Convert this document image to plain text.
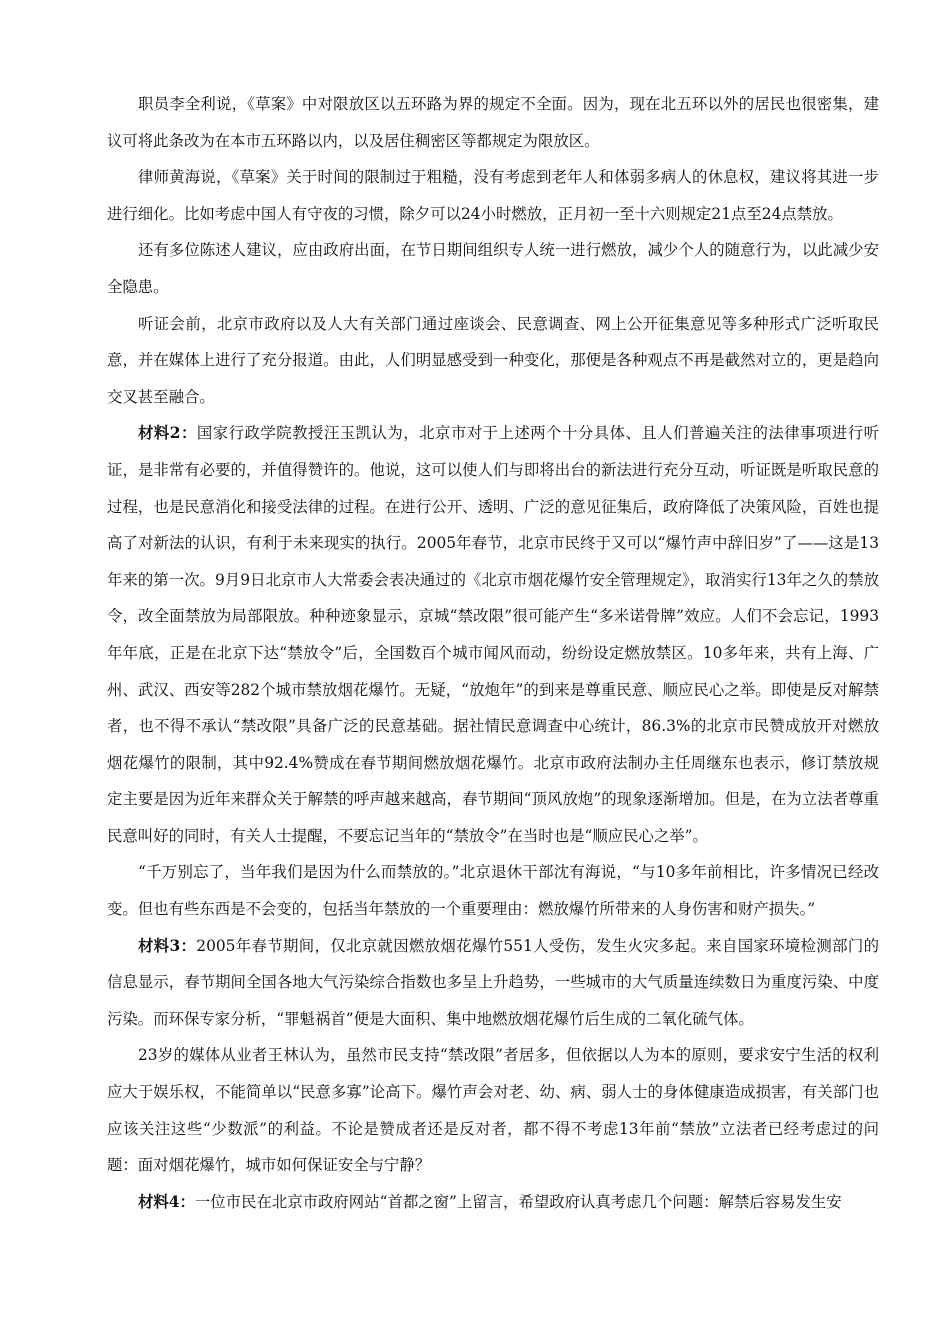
职员李全利说，《草案》中对限放区以五环路为界的规定不全面。因为，现在北五环以外的居民也很密集，建议可将此条改为在本市五环路以内，以及居住稠密区等都规定为限放区。

律师黄海说，《草案》关于时间的限制过于粗糙，没有考虑到老年人和体弱多病人的休息权，建议将其进一步进行细化。比如考虑中国人有守夜的习惯，除夕可以24小时燃放，正月初一至十六则规定21点至24点禁放。

还有多位陈述人建议，应由政府出面，在节日期间组织专人统一进行燃放，减少个人的随意行为，以此减少安全隐患。

听证会前，北京市政府以及人大有关部门通过座谈会、民意调查、网上公开征集意见等多种形式广泛听取民意，并在媒体上进行了充分报道。由此，人们明显感受到一种变化，那便是各种观点不再是截然对立的，更是趋向交叉甚至融合。

材料2：国家行政学院教授汪玉凯认为，北京市对于上述两个十分具体、且人们普遍关注的法律事项进行听证，是非常有必要的，并值得赞许的。他说，这可以使人们与即将出台的新法进行充分互动，听证既是听取民意的过程，也是民意消化和接受法律的过程。在进行公开、透明、广泛的意见征集后，政府降低了决策风险，百姓也提高了对新法的认识，有利于未来现实的执行。2005年春节，北京市民终于又可以“爆竹声中辞旧岁”了——这是13年来的第一次。9月9日北京市人大常委会表决通过的《北京市烟花爆竹安全管理规定》，取消实行13年之久的禁放令，改全面禁放为局部限放。种种迹象显示，京城“禁改限”很可能产生“多米诺骨牌”效应。人们不会忘记，1993年年底，正是在北京下达“禁放令”后，全国数百个城市闻风而动，纷纷设定燃放禁区。10多年来，共有上海、广州、武汉、西安等282个城市禁放烟花爆竹。无疑，“放炮年”的到来是尊重民意、顺应民心之举。即使是反对解禁者，也不得不承认“禁改限”具备广泛的民意基础。据社情民意调查中心统计，86.3%的北京市民赞成放开对燃放烟花爆竹的限制，其中92.4%赞成在春节期间燃放烟花爆竹。北京市政府法制办主任周继东也表示，修订禁放规定主要是因为近年来群众关于解禁的呼声越来越高，春节期间“顶风放炮”的现象逐渐增加。但是，在为立法者尊重民意叫好的同时，有关人士提醒，不要忘记当年的“禁放令”在当时也是“顺应民心之举”。

“千万别忘了，当年我们是因为什么而禁放的。”北京退休干部沈有海说，“与10多年前相比，许多情况已经改变。但也有些东西是不会变的，包括当年禁放的一个重要理由：燃放爆竹所带来的人身伤害和财产损失。”

材料3：2005年春节期间，仅北京就因燃放烟花爆竹551人受伤，发生火灾多起。来自国家环境检测部门的信息显示，春节期间全国各地大气污染综合指数也多呈上升趋势，一些城市的大气质量连续数日为重度污染、中度污染。而环保专家分析，“罪魁祸首”便是大面积、集中地燃放烟花爆竹后生成的二氧化硫气体。

23岁的媒体从业者王林认为，虽然市民支持“禁改限”者居多，但依据以人为本的原则，要求安宁生活的权利应大于娱乐权，不能简单以“民意多寡”论高下。爆竹声会对老、幼、病、弱人士的身体健康造成损害，有关部门也应该关注这些“少数派”的利益。不论是赞成者还是反对者，都不得不考虑13年前“禁放”立法者已经考虑过的问题：面对烟花爆竹，城市如何保证安全与宁静？

材料4：一位市民在北京市政府网站“首都之窗”上留言，希望政府认真考虑几个问题：解禁后容易发生安
